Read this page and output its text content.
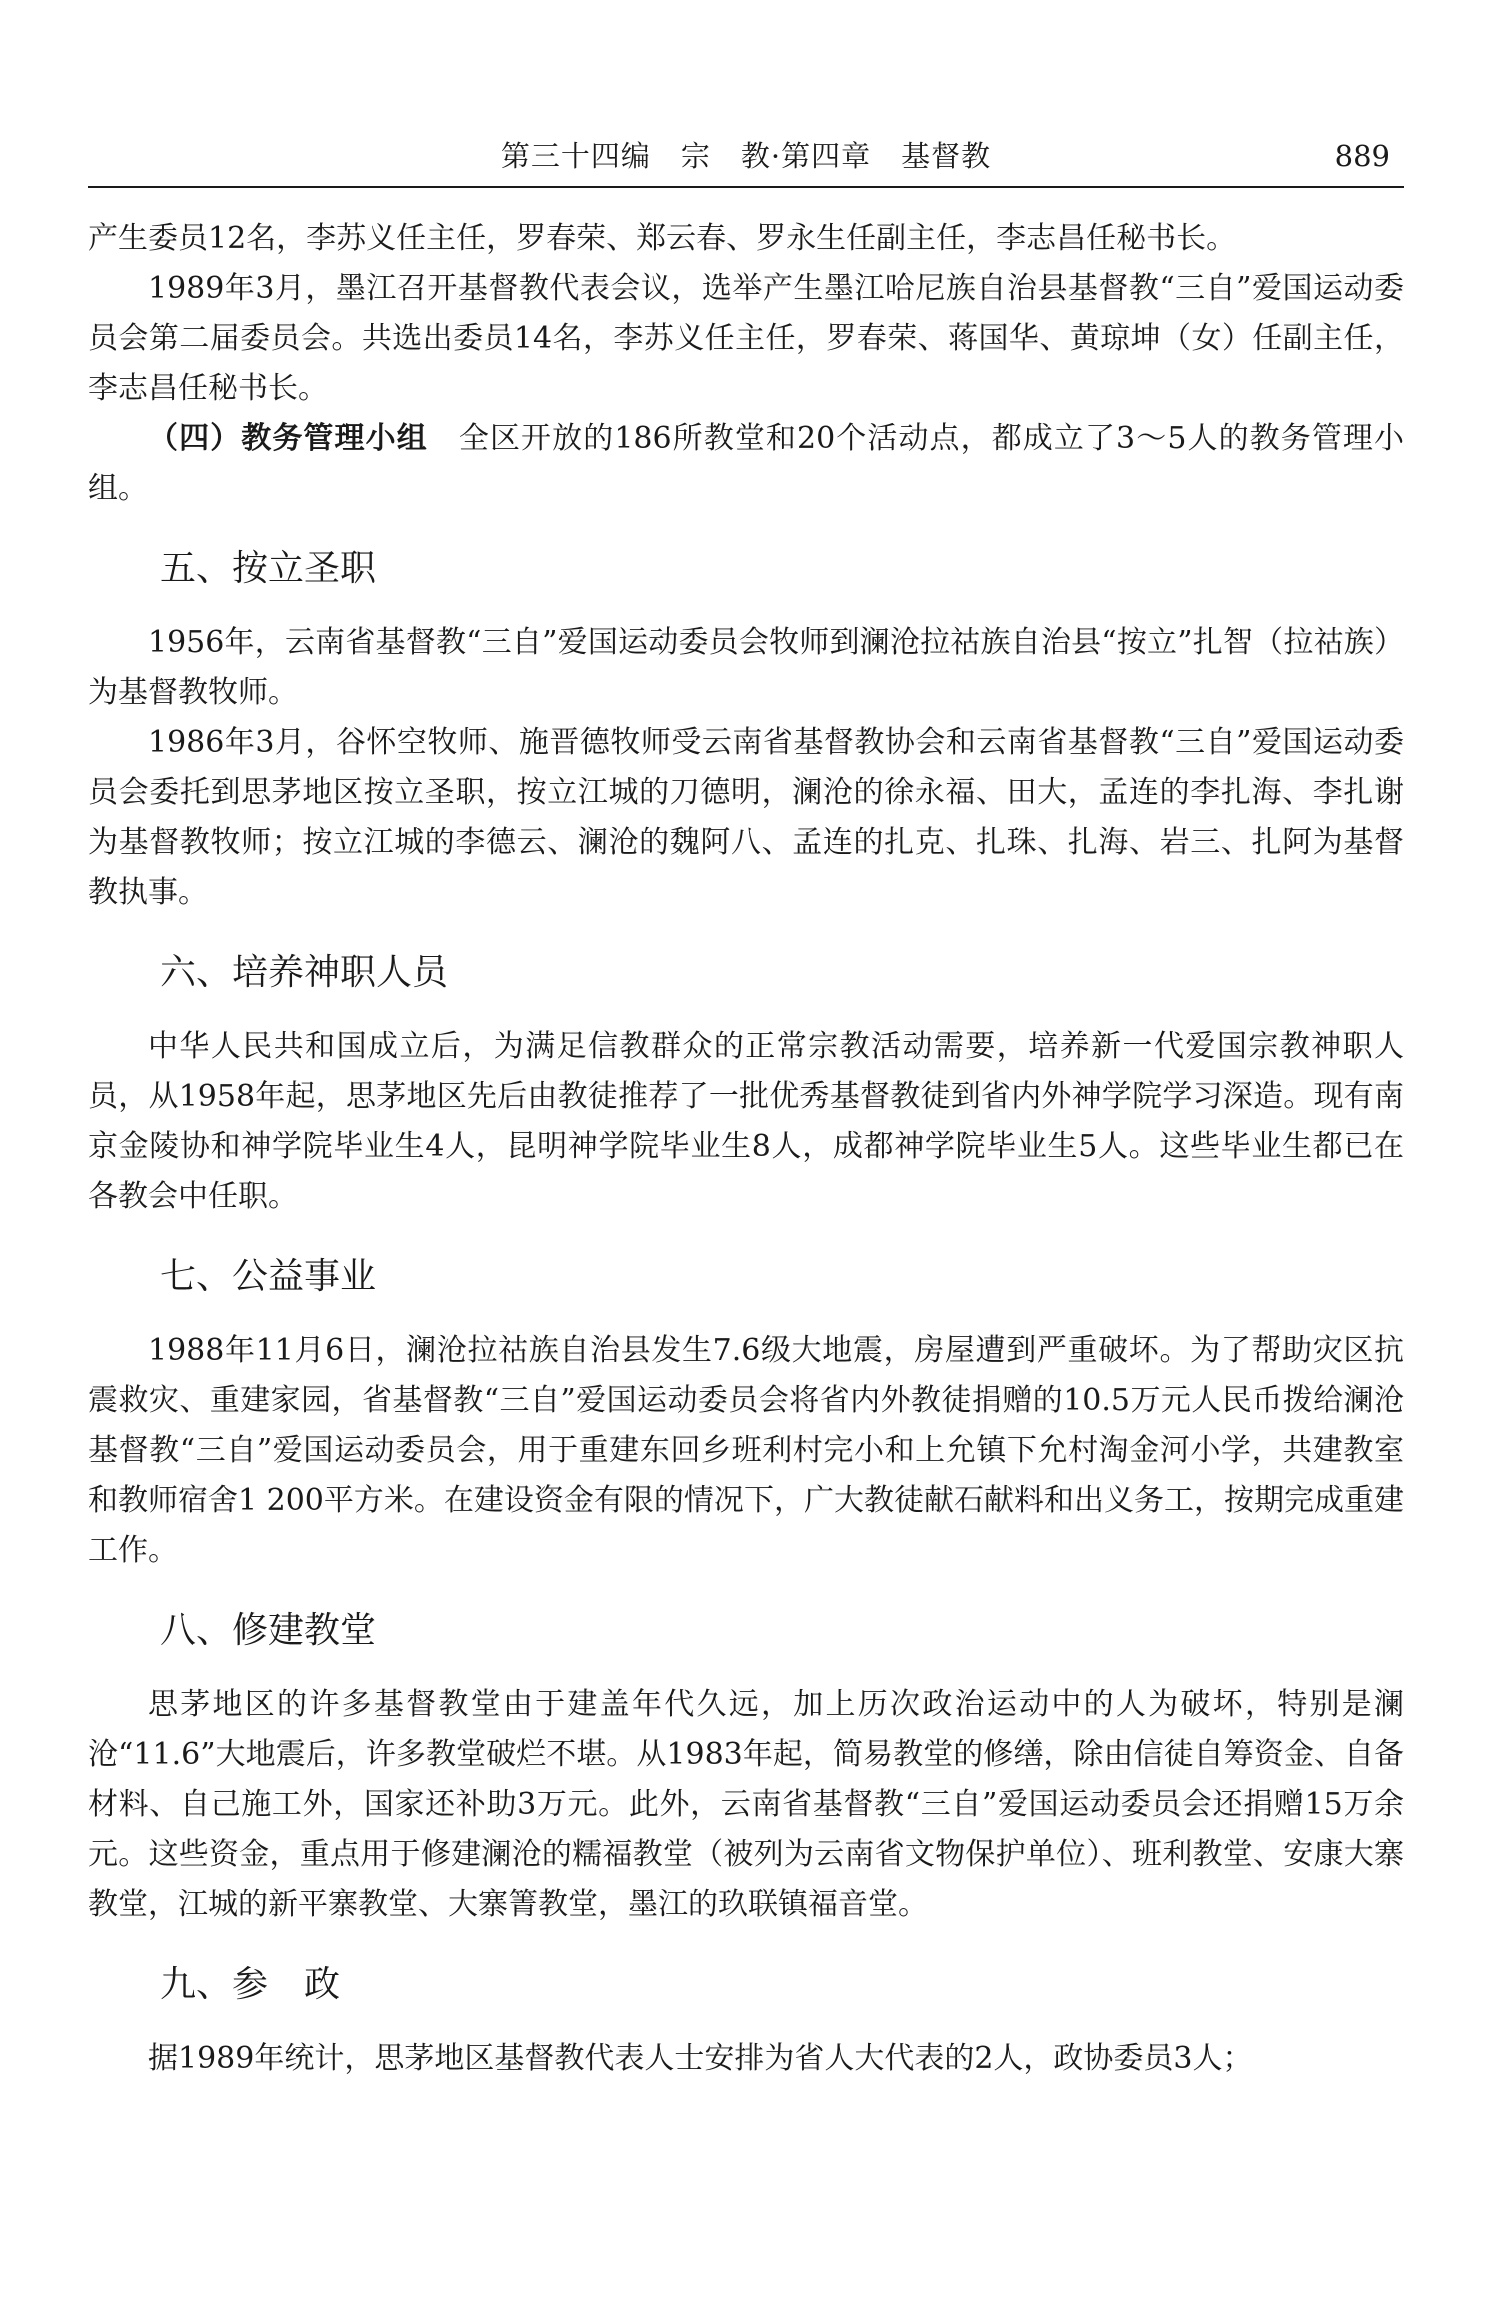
第三十四编　宗　教·第四章　基督教	889

产生委员12名，李苏义任主任，罗春荣、郑云春、罗永生任副主任，李志昌任秘书长。

1989年3月，墨江召开基督教代表会议，选举产生墨江哈尼族自治县基督教“三自”爱国运动委员会第二届委员会。共选出委员14名，李苏义任主任，罗春荣、蒋国华、黄琼坤（女）任副主任，李志昌任秘书长。

（四）教务管理小组　全区开放的186所教堂和20个活动点，都成立了3～5人的教务管理小组。

五、按立圣职

1956年，云南省基督教“三自”爱国运动委员会牧师到澜沧拉祜族自治县“按立”扎智（拉祜族）为基督教牧师。

1986年3月，谷怀空牧师、施晋德牧师受云南省基督教协会和云南省基督教“三自”爱国运动委员会委托到思茅地区按立圣职，按立江城的刀德明，澜沧的徐永福、田大，孟连的李扎海、李扎谢为基督教牧师；按立江城的李德云、澜沧的魏阿八、孟连的扎克、扎珠、扎海、岩三、扎阿为基督教执事。

六、培养神职人员

中华人民共和国成立后，为满足信教群众的正常宗教活动需要，培养新一代爱国宗教神职人员，从1958年起，思茅地区先后由教徒推荐了一批优秀基督教徒到省内外神学院学习深造。现有南京金陵协和神学院毕业生4人，昆明神学院毕业生8人，成都神学院毕业生5人。这些毕业生都已在各教会中任职。

七、公益事业

1988年11月6日，澜沧拉祜族自治县发生7.6级大地震，房屋遭到严重破坏。为了帮助灾区抗震救灾、重建家园，省基督教“三自”爱国运动委员会将省内外教徒捐赠的10.5万元人民币拨给澜沧基督教“三自”爱国运动委员会，用于重建东回乡班利村完小和上允镇下允村淘金河小学，共建教室和教师宿舍1 200平方米。在建设资金有限的情况下，广大教徒献石献料和出义务工，按期完成重建工作。

八、修建教堂

思茅地区的许多基督教堂由于建盖年代久远，加上历次政治运动中的人为破坏，特别是澜沧“11.6”大地震后，许多教堂破烂不堪。从1983年起，简易教堂的修缮，除由信徒自筹资金、自备材料、自己施工外，国家还补助3万元。此外，云南省基督教“三自”爱国运动委员会还捐赠15万余元。这些资金，重点用于修建澜沧的糯福教堂（被列为云南省文物保护单位）、班利教堂、安康大寨教堂，江城的新平寨教堂、大寨箐教堂，墨江的玖联镇福音堂。

九、参　政

据1989年统计，思茅地区基督教代表人士安排为省人大代表的2人，政协委员3人；
